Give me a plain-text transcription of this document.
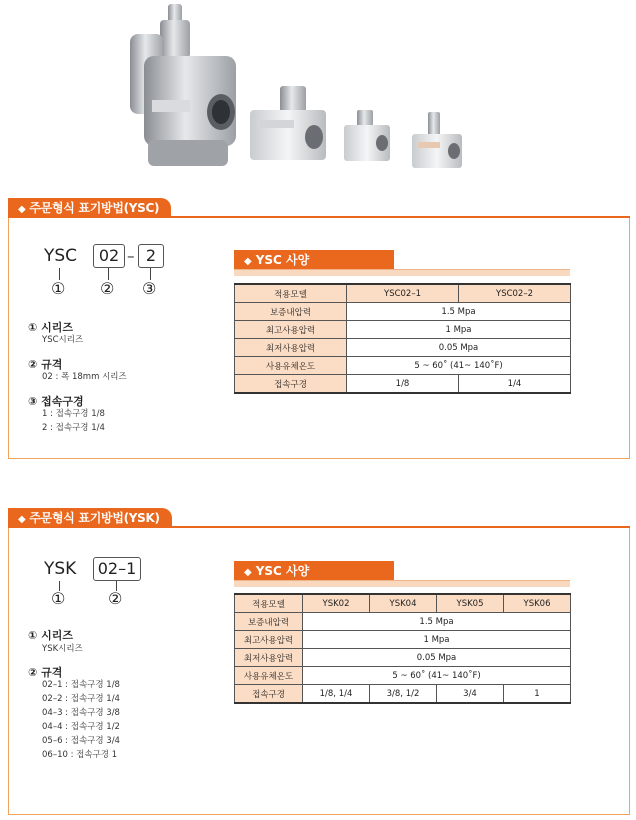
◆ 주문형식 표기방법(YSC)
YSC	02 – 2
① ② ③
① 시리즈
YSC시리즈
② 규격
02 : 폭 18mm 시리즈
③ 접속구경
1 : 접속구경 1/8
2 : 접속구경 1/4
◆ YSC 사양
적용모델	YSC02–1	YSC02–2
보증내압력	1.5 Mpa	
최고사용압력	1 Mpa	
최저사용압력	0.05 Mpa	
사용유체온도	5 ~ 60˚ (41~ 140˚F)	
접속구경	1/8	1/4
◆ 주문형식 표기방법(YSK)
YSK 02–1
①	②
① 시리즈
YSK시리즈
② 규격
02–1 : 접속구경 1/8
02–2 : 접속구경 1/4
04–3 : 접속구경 3/8
04–4 : 접속구경 1/2
05–6 : 접속구경 3/4
06–10 : 접속구경 1
◆ YSC 사양
적용모델	YSK02	YSK04	YSK05	YSK06
보증내압력	1.5 Mpa			
최고사용압력	1 Mpa			
최저사용압력	0.05 Mpa			
사용유체온도	5 ~ 60˚ (41~ 140˚F)			
접속구경	1/8, 1/4	3/8, 1/2	3/4	1
